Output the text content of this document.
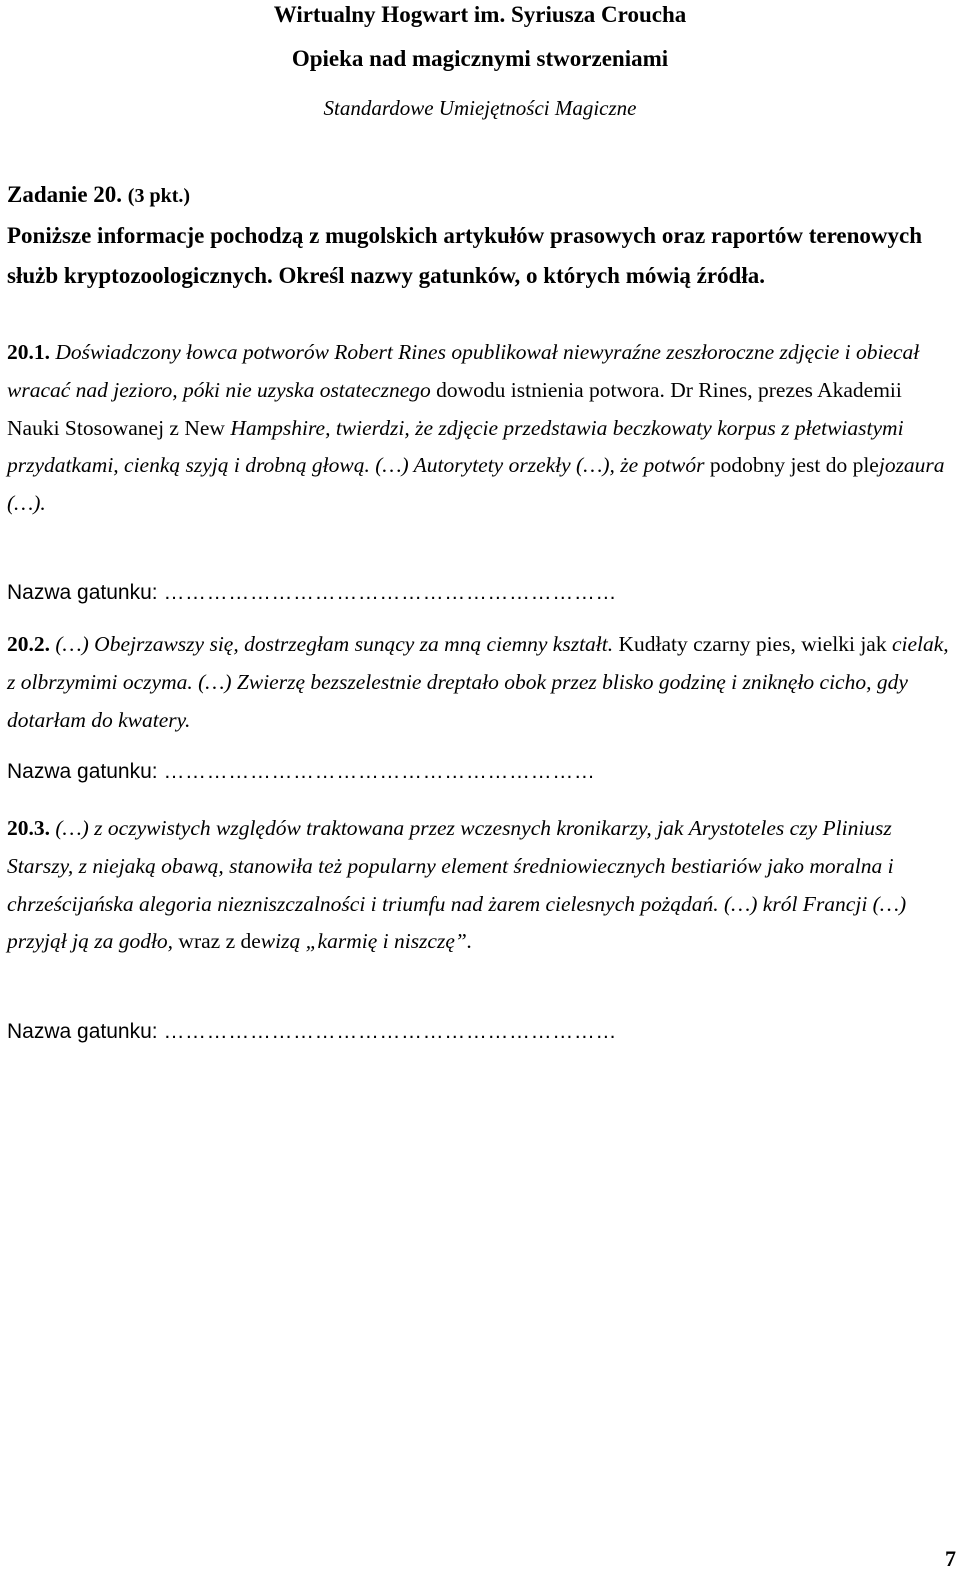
Wirtualny Hogwart im. Syriusza Croucha
Opieka nad magicznymi stworzeniami
Standardowe Umiejętności Magiczne
Zadanie 20. (3 pkt.)
Poniższe informacje pochodzą z mugolskich artykułów prasowych oraz raportów terenowych służb kryptozoologicznych. Określ nazwy gatunków, o których mówią źródła.
20.1. Doświadczony łowca potworów Robert Rines opublikował niewyraźne zeszłoroczne zdjęcie i obiecał wracać nad jezioro, póki nie uzyska ostatecznego dowodu istnienia potwora. Dr Rines, prezes Akademii Nauki Stosowanej z New Hampshire, twierdzi, że zdjęcie przedstawia beczkowaty korpus z płetwiastymi przydatkami, cienką szyją i drobną głową. (…) Autorytety orzekły (…), że potwór podobny jest do plejozaura (…).
Nazwa gatunku: ………………………………………………………
20.2. (…) Obejrzawszy się, dostrzegłam sunący za mną ciemny kształt. Kudłaty czarny pies, wielki jak cielak, z olbrzymimi oczyma. (…) Zwierzę bezszelestnie dreptało obok przez blisko godzinę i zniknęło cicho, gdy dotarłam do kwatery.
Nazwa gatunku: ……………………………………………………
20.3. (…) z oczywistych względów traktowana przez wczesnych kronikarzy, jak Arystoteles czy Pliniusz Starszy, z niejaką obawą, stanowiła też popularny element średniowiecznych bestiariów jako moralna i chrześcijańska alegoria niezniszczalności i triumfu nad żarem cielesnych pożądań. (…) król Francji (…) przyjął ją za godło, wraz z dewizą „karmię i niszczę”.
Nazwa gatunku: ………………………………………………………
7
